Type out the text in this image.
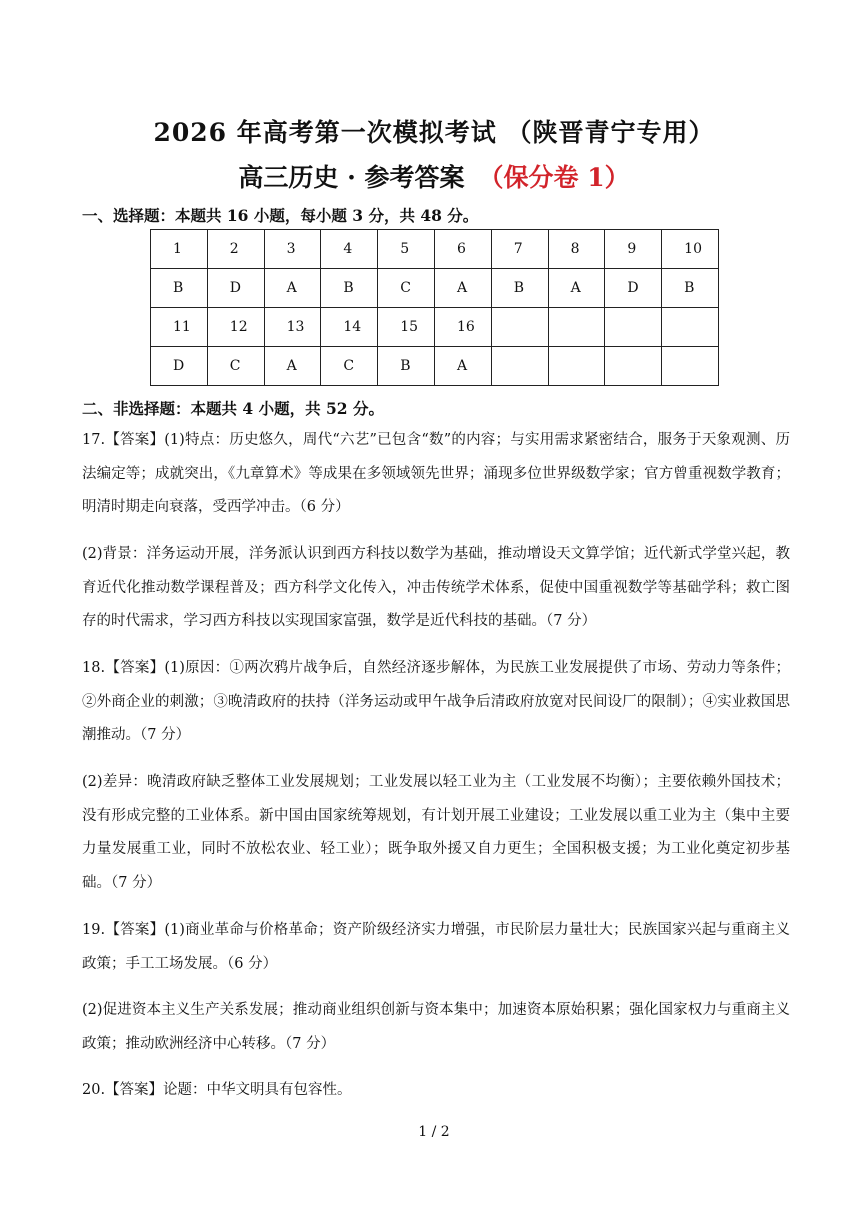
2026 年高考第一次模拟考试 （陕晋青宁专用）
高三历史 · 参考答案 （保分卷 1）
一、选择题：本题共 16 小题，每小题 3 分，共 48 分。
1	2	3	4	5	6	7	8	9	10
B	D	A	B	C	A	B	A	D	B
11	12	13	14	15	16				
D	C	A	C	B	A				
二、非选择题：本题共 4 小题，共 52 分。
17.【答案】(1)特点：历史悠久，周代“六艺”已包含“数”的内容；与实用需求紧密结合，服务于天象观测、历法编定等；成就突出，《九章算术》等成果在多领域领先世界；涌现多位世界级数学家；官方曾重视数学教育；明清时期走向衰落，受西学冲击。（6 分）
(2)背景：洋务运动开展，洋务派认识到西方科技以数学为基础，推动增设天文算学馆；近代新式学堂兴起，教育近代化推动数学课程普及；西方科学文化传入，冲击传统学术体系，促使中国重视数学等基础学科；救亡图存的时代需求，学习西方科技以实现国家富强，数学是近代科技的基础。（7 分）
18.【答案】(1)原因：①两次鸦片战争后，自然经济逐步解体，为民族工业发展提供了市场、劳动力等条件；②外商企业的刺激；③晚清政府的扶持（洋务运动或甲午战争后清政府放宽对民间设厂的限制）；④实业救国思潮推动。（7 分）
(2)差异：晚清政府缺乏整体工业发展规划；工业发展以轻工业为主（工业发展不均衡）；主要依赖外国技术；没有形成完整的工业体系。新中国由国家统筹规划，有计划开展工业建设；工业发展以重工业为主（集中主要力量发展重工业，同时不放松农业、轻工业）；既争取外援又自力更生；全国积极支援；为工业化奠定初步基础。（7 分）
19.【答案】(1)商业革命与价格革命；资产阶级经济实力增强，市民阶层力量壮大；民族国家兴起与重商主义政策；手工工场发展。（6 分）
(2)促进资本主义生产关系发展；推动商业组织创新与资本集中；加速资本原始积累；强化国家权力与重商主义政策；推动欧洲经济中心转移。（7 分）
20.【答案】论题：中华文明具有包容性。
1 / 2
